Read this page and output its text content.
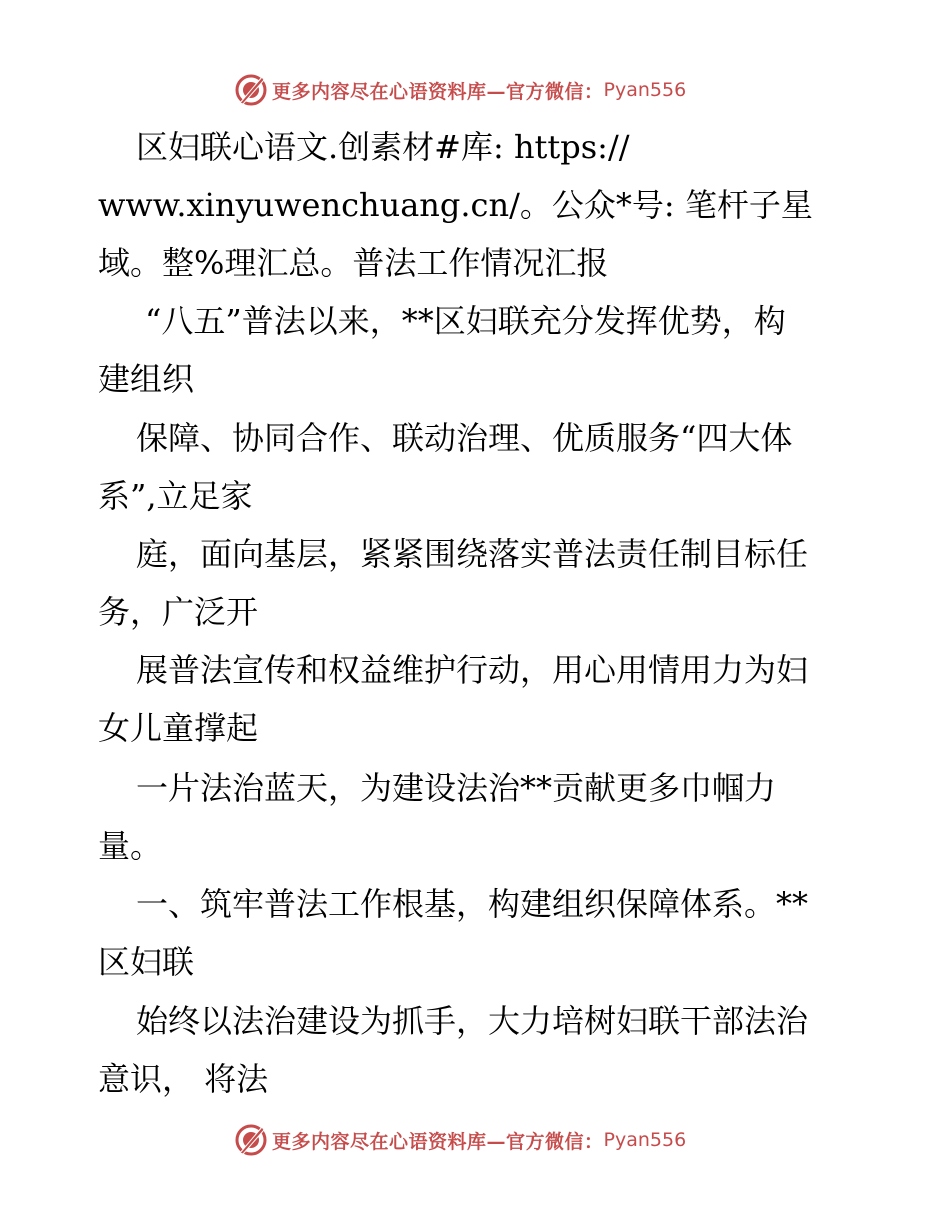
更多内容尽在心语资料库—官方微信： Pyan556
区妇联心语文.创素材#库: https://
www.xinyuwenchuang.cn/。公众*号: 笔杆子星
域。整%理汇总。普法工作情况汇报
“八五”普法以来，**区妇联充分发挥优势，构
建组织
保障、协同合作、联动治理、优质服务“四大体
系”,立足家
庭，面向基层，紧紧围绕落实普法责任制目标任
务，广泛开
展普法宣传和权益维护行动，用心用情用力为妇
女儿童撑起
一片法治蓝天，为建设法治**贡献更多巾帼力
量。
一、筑牢普法工作根基，构建组织保障体系。**
区妇联
始终以法治建设为抓手，大力培树妇联干部法治
意识， 将法
更多内容尽在心语资料库—官方微信： Pyan556
